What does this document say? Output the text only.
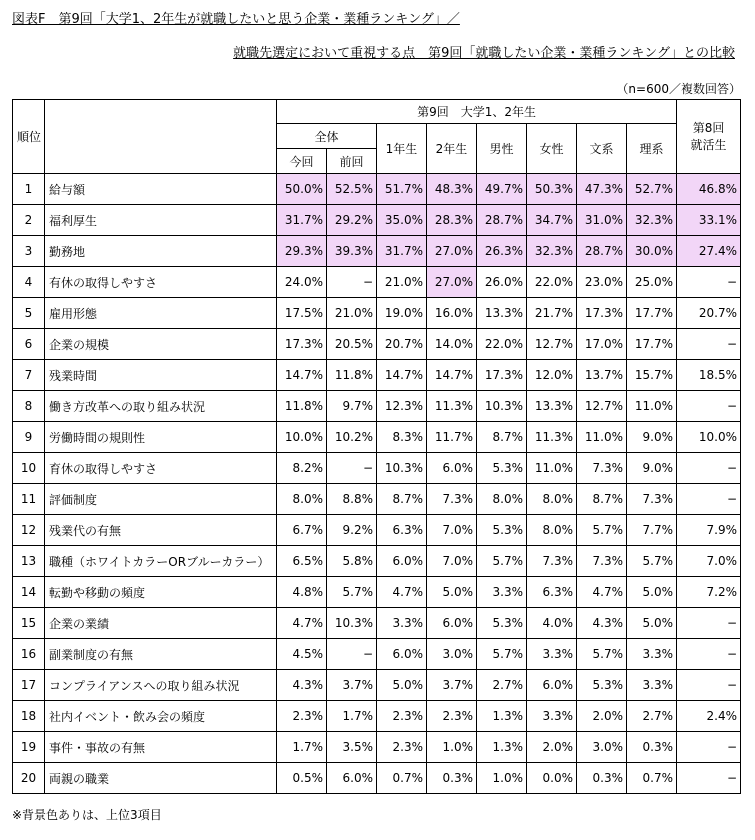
図表F　第9回「大学1、2年生が就職したいと思う企業・業種ランキング」／
就職先選定において重視する点　第9回「就職したい企業・業種ランキング」との比較
（n=600／複数回答）
順位		第9回　大学1、2年生								第8回
就活生
		全体		1年生	2年生	男性	女性	文系	理系	
		今回	前回							
1	給与額	50.0%	52.5%	51.7%	48.3%	49.7%	50.3%	47.3%	52.7%	46.8%
2	福利厚生	31.7%	29.2%	35.0%	28.3%	28.7%	34.7%	31.0%	32.3%	33.1%
3	勤務地	29.3%	39.3%	31.7%	27.0%	26.3%	32.3%	28.7%	30.0%	27.4%
4	有休の取得しやすさ	24.0%	−	21.0%	27.0%	26.0%	22.0%	23.0%	25.0%	−
5	雇用形態	17.5%	21.0%	19.0%	16.0%	13.3%	21.7%	17.3%	17.7%	20.7%
6	企業の規模	17.3%	20.5%	20.7%	14.0%	22.0%	12.7%	17.0%	17.7%	−
7	残業時間	14.7%	11.8%	14.7%	14.7%	17.3%	12.0%	13.7%	15.7%	18.5%
8	働き方改革への取り組み状況	11.8%	9.7%	12.3%	11.3%	10.3%	13.3%	12.7%	11.0%	−
9	労働時間の規則性	10.0%	10.2%	8.3%	11.7%	8.7%	11.3%	11.0%	9.0%	10.0%
10	育休の取得しやすさ	8.2%	−	10.3%	6.0%	5.3%	11.0%	7.3%	9.0%	−
11	評価制度	8.0%	8.8%	8.7%	7.3%	8.0%	8.0%	8.7%	7.3%	−
12	残業代の有無	6.7%	9.2%	6.3%	7.0%	5.3%	8.0%	5.7%	7.7%	7.9%
13	職種（ホワイトカラーORブルーカラー）	6.5%	5.8%	6.0%	7.0%	5.7%	7.3%	7.3%	5.7%	7.0%
14	転勤や移動の頻度	4.8%	5.7%	4.7%	5.0%	3.3%	6.3%	4.7%	5.0%	7.2%
15	企業の業績	4.7%	10.3%	3.3%	6.0%	5.3%	4.0%	4.3%	5.0%	−
16	副業制度の有無	4.5%	−	6.0%	3.0%	5.7%	3.3%	5.7%	3.3%	−
17	コンプライアンスへの取り組み状況	4.3%	3.7%	5.0%	3.7%	2.7%	6.0%	5.3%	3.3%	−
18	社内イベント・飲み会の頻度	2.3%	1.7%	2.3%	2.3%	1.3%	3.3%	2.0%	2.7%	2.4%
19	事件・事故の有無	1.7%	3.5%	2.3%	1.0%	1.3%	2.0%	3.0%	0.3%	−
20	両親の職業	0.5%	6.0%	0.7%	0.3%	1.0%	0.0%	0.3%	0.7%	−
※背景色ありは、上位3項目
